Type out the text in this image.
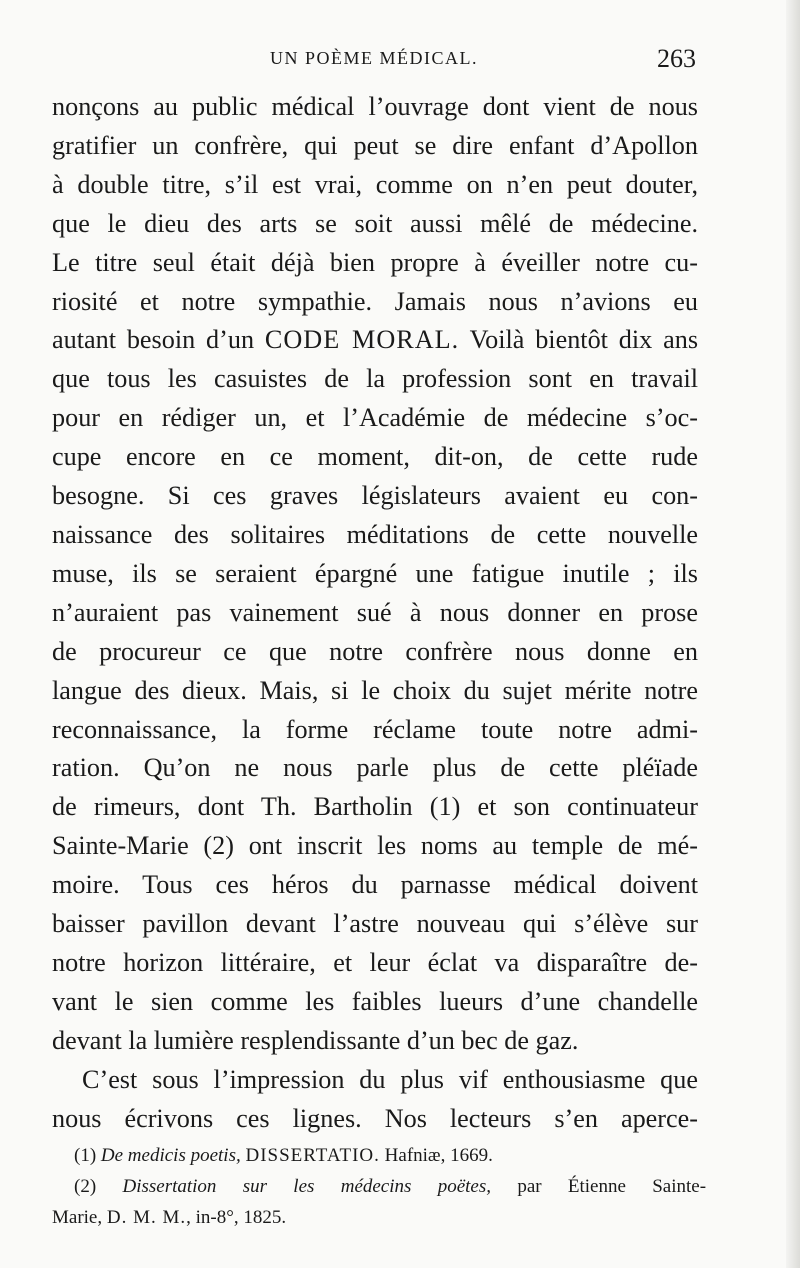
UN POÈME MÉDICAL.	263
nonçons au public médical l’ouvrage dont vient de nous
gratifier un confrère, qui peut se dire enfant d’Apollon
à double titre, s’il est vrai, comme on n’en peut douter,
que le dieu des arts se soit aussi mêlé de médecine.
Le titre seul était déjà bien propre à éveiller notre cu-
riosité et notre sympathie. Jamais nous n’avions eu
autant besoin d’un CODE MORAL. Voilà bientôt dix ans
que tous les casuistes de la profession sont en travail
pour en rédiger un, et l’Académie de médecine s’oc-
cupe encore en ce moment, dit-on, de cette rude
besogne. Si ces graves législateurs avaient eu con-
naissance des solitaires méditations de cette nouvelle
muse, ils se seraient épargné une fatigue inutile ; ils
n’auraient pas vainement sué à nous donner en prose
de procureur ce que notre confrère nous donne en
langue des dieux. Mais, si le choix du sujet mérite notre
reconnaissance, la forme réclame toute notre admi-
ration. Qu’on ne nous parle plus de cette pléïade
de rimeurs, dont Th. Bartholin (1) et son continuateur
Sainte-Marie (2) ont inscrit les noms au temple de mé-
moire. Tous ces héros du parnasse médical doivent
baisser pavillon devant l’astre nouveau qui s’élève sur
notre horizon littéraire, et leur éclat va disparaître de-
vant le sien comme les faibles lueurs d’une chandelle
devant la lumière resplendissante d’un bec de gaz.
C’est sous l’impression du plus vif enthousiasme que
nous écrivons ces lignes. Nos lecteurs s’en aperce-
(1) De medicis poetis, DISSERTATIO. Hafniæ, 1669.
(2) Dissertation sur les médecins poëtes, par Étienne Sainte-
Marie, D. M. M., in-8°, 1825.
